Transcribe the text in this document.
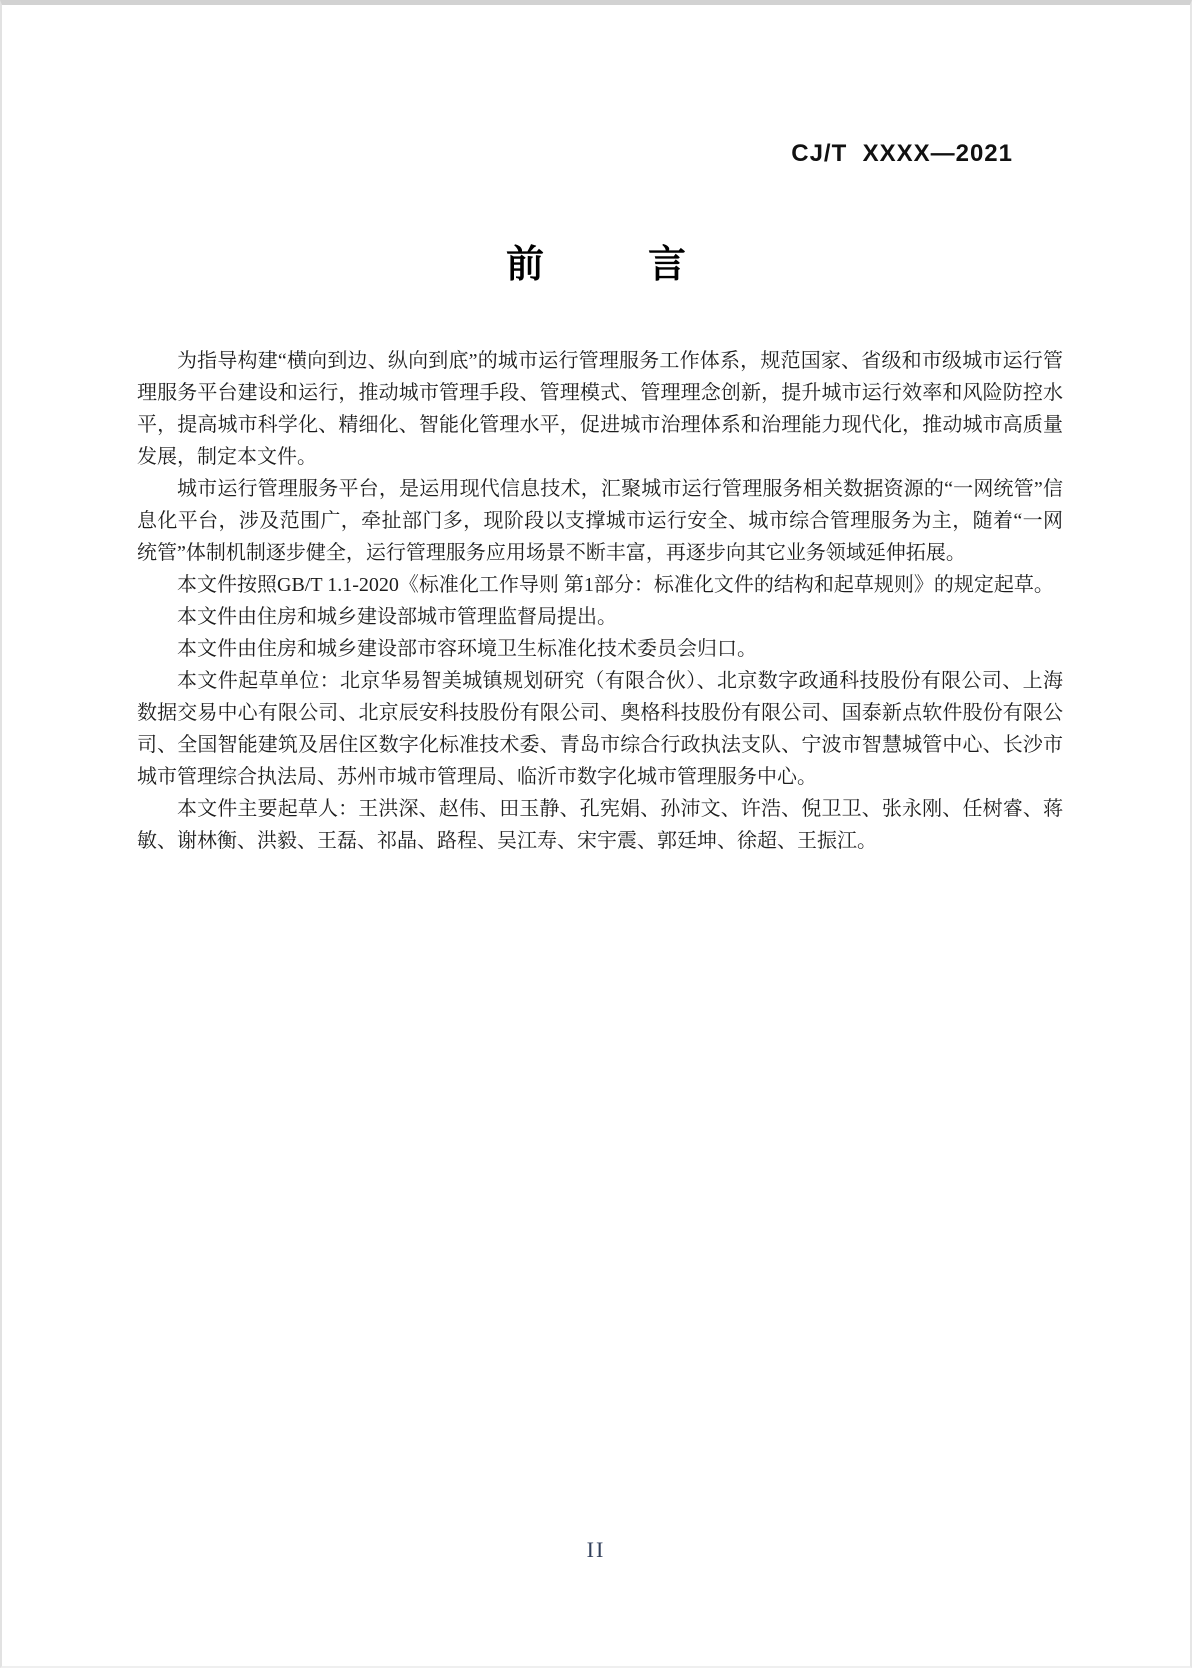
CJ/T  XXXX—2021
前	言

为指导构建“横向到边、纵向到底”的城市运行管理服务工作体系，规范国家、省级和市级城市运行管理服务平台建设和运行，推动城市管理手段、管理模式、管理理念创新，提升城市运行效率和风险防控水平，提高城市科学化、精细化、智能化管理水平，促进城市治理体系和治理能力现代化，推动城市高质量发展，制定本文件。

城市运行管理服务平台，是运用现代信息技术，汇聚城市运行管理服务相关数据资源的“一网统管”信息化平台，涉及范围广，牵扯部门多，现阶段以支撑城市运行安全、城市综合管理服务为主，随着“一网统管”体制机制逐步健全，运行管理服务应用场景不断丰富，再逐步向其它业务领域延伸拓展。

本文件按照GB/T 1.1-2020《标准化工作导则 第1部分：标准化文件的结构和起草规则》的规定起草。

本文件由住房和城乡建设部城市管理监督局提出。

本文件由住房和城乡建设部市容环境卫生标准化技术委员会归口。

本文件起草单位：北京华易智美城镇规划研究（有限合伙）、北京数字政通科技股份有限公司、上海数据交易中心有限公司、北京辰安科技股份有限公司、奥格科技股份有限公司、国泰新点软件股份有限公司、全国智能建筑及居住区数字化标准技术委、青岛市综合行政执法支队、宁波市智慧城管中心、长沙市城市管理综合执法局、苏州市城市管理局、临沂市数字化城市管理服务中心。

本文件主要起草人：王洪深、赵伟、田玉静、孔宪娟、孙沛文、许浩、倪卫卫、张永刚、任树睿、蒋敏、谢林衡、洪毅、王磊、祁晶、路程、吴江寿、宋宇震、郭廷坤、徐超、王振江。

II
